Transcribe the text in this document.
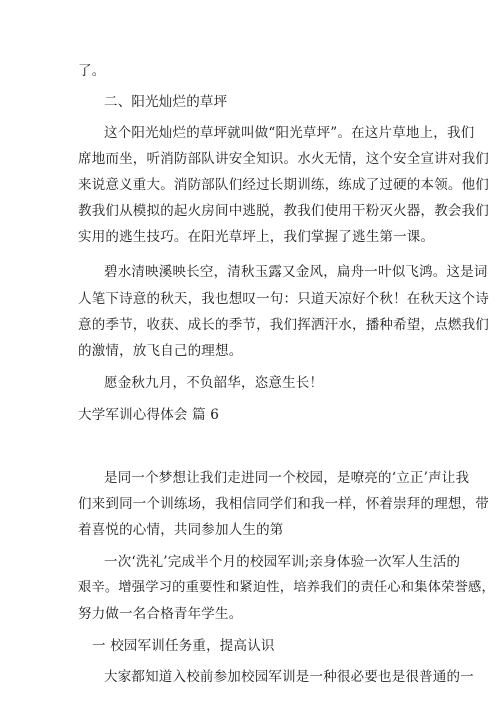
了。
二、阳光灿烂的草坪
这个阳光灿烂的草坪就叫做“阳光草坪”。在这片草地上，我们
席地而坐，听消防部队讲安全知识。水火无情，这个安全宣讲对我们
来说意义重大。消防部队们经过长期训练，练成了过硬的本领。他们
教我们从模拟的起火房间中逃脱，教我们使用干粉灭火器，教会我们
实用的逃生技巧。在阳光草坪上，我们掌握了逃生第一课。
碧水清映溪映长空，清秋玉露又金风，扁舟一叶似飞鸿。这是词
人笔下诗意的秋天，我也想叹一句：只道天凉好个秋！在秋天这个诗
意的季节，收获、成长的季节，我们挥洒汗水，播种希望，点燃我们
的激情，放飞自己的理想。
愿金秋九月，不负韶华，恣意生长！
大学军训心得体会 篇 6
是同一个梦想让我们走进同一个校园，是嘹亮的‘立正’声让我
们来到同一个训练场，我相信同学们和我一样，怀着崇拜的理想，带
着喜悦的心情，共同参加人生的第
一次‘洗礼’完成半个月的校园军训;亲身体验一次军人生活的
艰辛。增强学习的重要性和紧迫性，培养我们的责任心和集体荣誉感，
努力做一名合格青年学生。
一 校园军训任务重，提高认识
大家都知道入校前参加校园军训是一种很必要也是很普通的一
